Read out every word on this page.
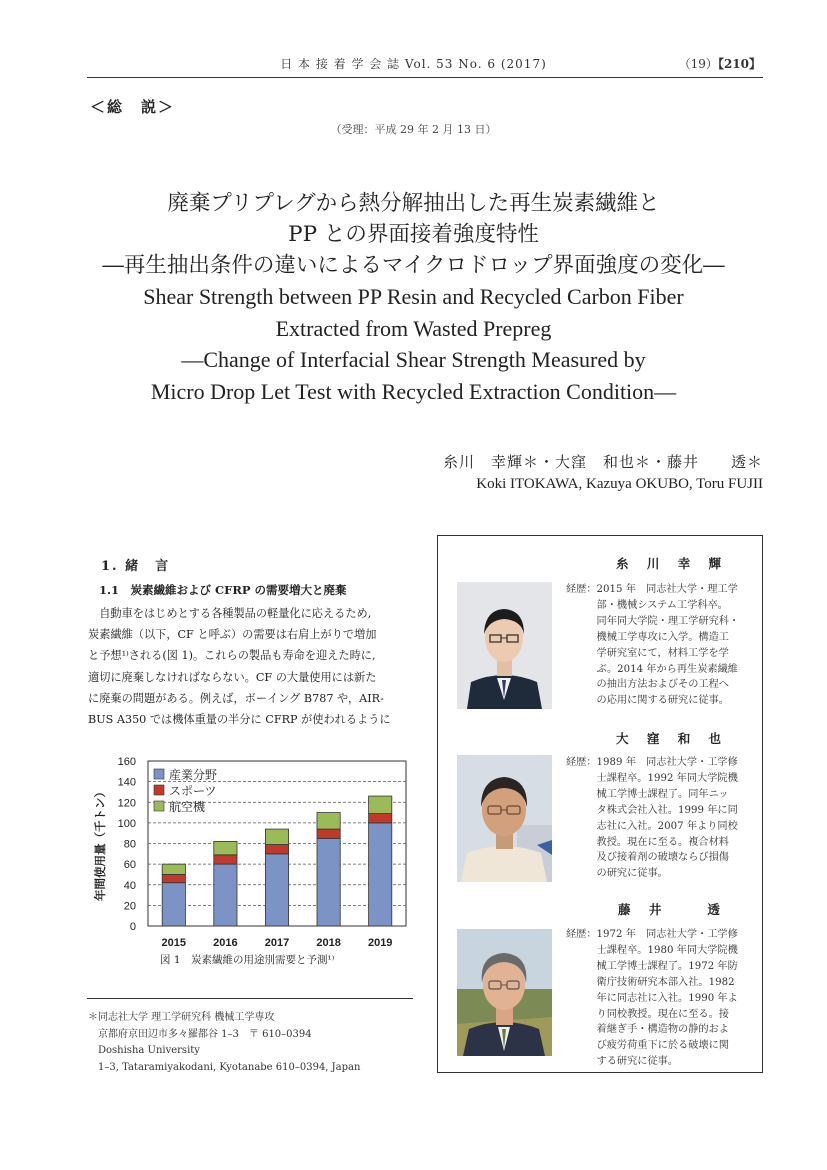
日 本 接 着 学 会 誌 Vol. 53 No. 6 (2017)	（19）【210】
＜総　説＞
（受理：平成 29 年 2 月 13 日）
廃棄プリプレグから熱分解抽出した再生炭素繊維と
PP との界面接着強度特性
―再生抽出条件の違いによるマイクロドロップ界面強度の変化―
Shear Strength between PP Resin and Recycled Carbon Fiber
Extracted from Wasted Prepreg
―Change of Interfacial Shear Strength Measured by
Micro Drop Let Test with Recycled Extraction Condition―
糸川　幸輝＊・大窪　和也＊・藤井　　透＊
Koki ITOKAWA, Kazuya OKUBO, Toru FUJII
1. 緒　言
1.1　炭素繊維および CFRP の需要増大と廃棄
　自動車をはじめとする各種製品の軽量化に応えるため,
炭素繊維（以下，CF と呼ぶ）の需要は右肩上がりで増加
と予想¹⁾される(図 1)。これらの製品も寿命を迎えた時に,
適切に廃棄しなければならない。CF の大量使用には新た
に廃棄の問題がある。例えば，ボーイング B787 や，AIR-
BUS A350 では機体重量の半分に CFRP が使われるように
0
20
40
60
80
100
120
140
160
年間使用量（千トン）
2015 2016 2017 2018 2019
産業分野
スポーツ
航空機
図 1　炭素繊維の用途別需要と予測¹⁾
＊同志社大学 理工学研究科 機械工学専攻
　京都府京田辺市多々羅都谷 1–3　〒 610–0394
　Doshisha University
　1–3, Tataramiyakodani, Kyotanabe 610–0394, Japan
糸 川 幸 輝
経歴：2015 年　同志社大学・理工学
　　　部・機械システム工学科卒。
　　　同年同大学院・理工学研究科・
　　　機械工学専攻に入学。構造工
　　　学研究室にて，材料工学を学
　　　ぶ。2014 年から再生炭素繊維
　　　の抽出方法およびその工程へ
　　　の応用に関する研究に従事。
大 窪 和 也
経歴：1989 年　同志社大学・工学修
　　　士課程卒。1992 年同大学院機
　　　械工学博士課程了。同年ニッ
　　　タ株式会社入社。1999 年に同
　　　志社に入社。2007 年より同校
　　　教授。現在に至る。複合材料
　　　及び接着剤の破壊ならび損傷
　　　の研究に従事。
藤 井　　透
経歴：1972 年　同志社大学・工学修
　　　士課程卒。1980 年同大学院機
　　　械工学博士課程了。1972 年防
　　　衛庁技術研究本部入社。1982
　　　年に同志社に入社。1990 年よ
　　　り同校教授。現在に至る。接
　　　着継ぎ手・構造物の静的およ
　　　び疲労荷重下に於る破壊に関
　　　する研究に従事。
